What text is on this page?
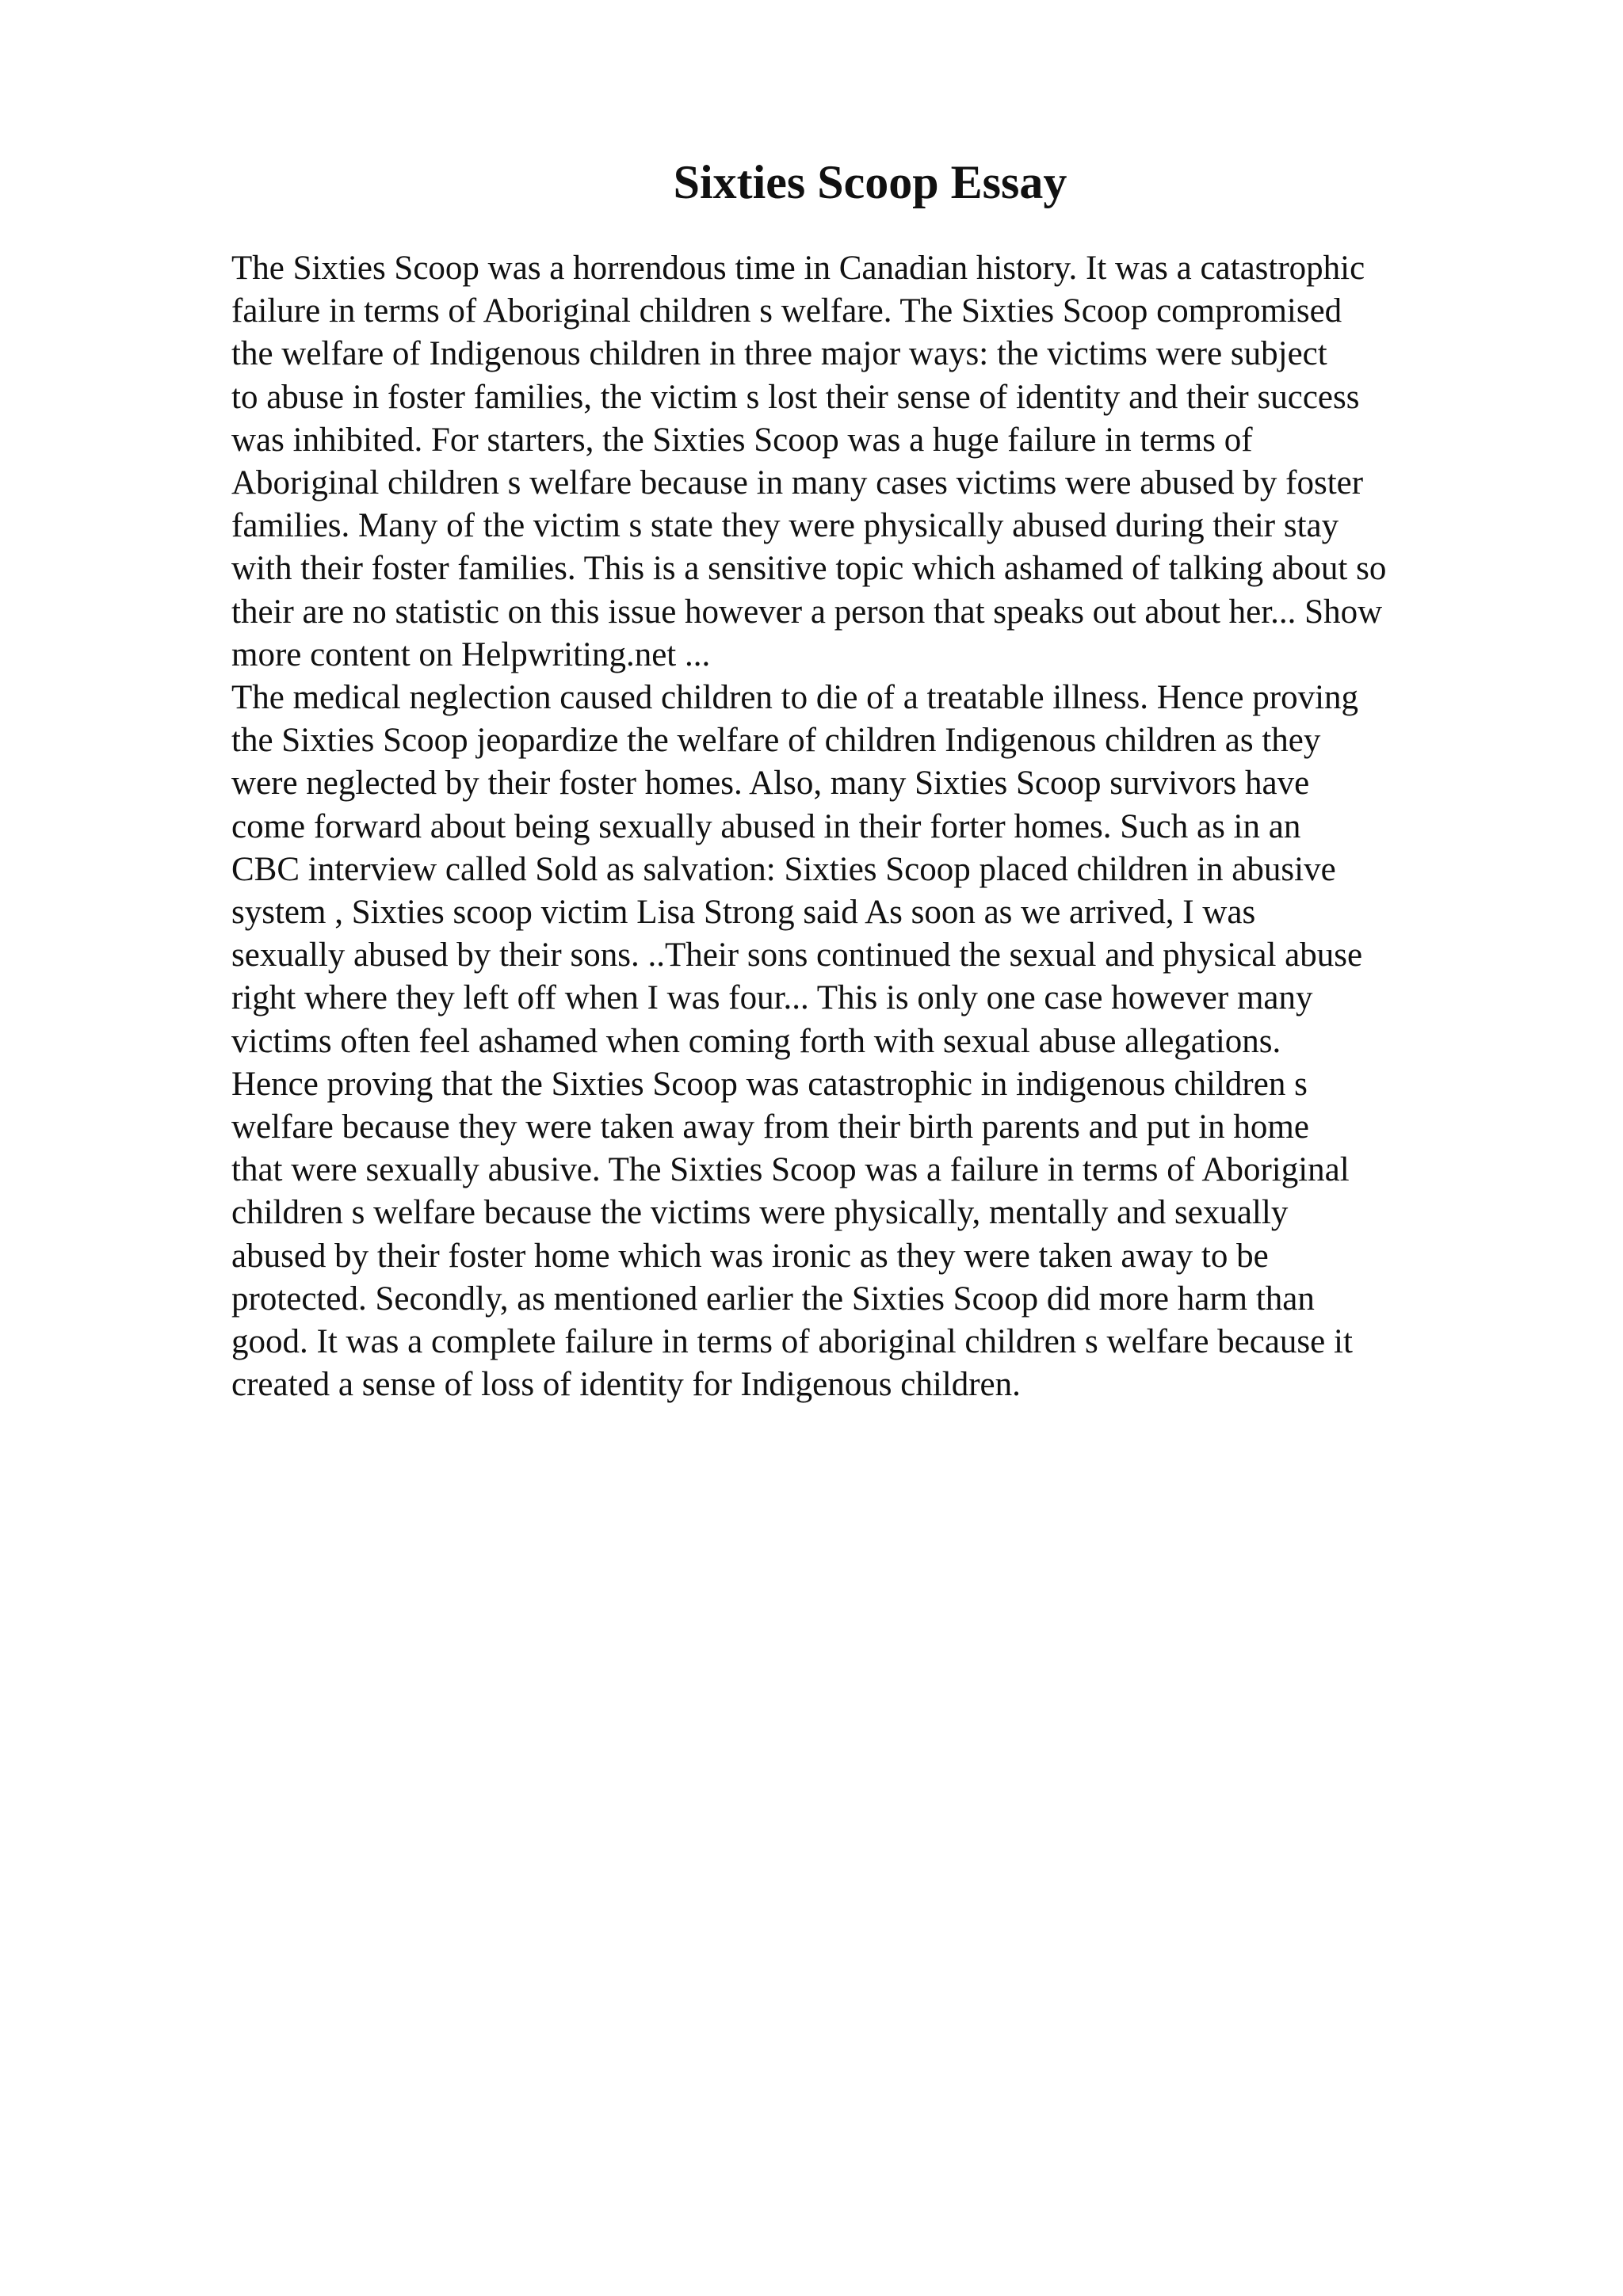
Sixties Scoop Essay
The Sixties Scoop was a horrendous time in Canadian history. It was a catastrophic
failure in terms of Aboriginal children s welfare. The Sixties Scoop compromised
the welfare of Indigenous children in three major ways: the victims were subject
to abuse in foster families, the victim s lost their sense of identity and their success
was inhibited. For starters, the Sixties Scoop was a huge failure in terms of
Aboriginal children s welfare because in many cases victims were abused by foster
families. Many of the victim s state they were physically abused during their stay
with their foster families. This is a sensitive topic which ashamed of talking about so
their are no statistic on this issue however a person that speaks out about her... Show
more content on Helpwriting.net ...
The medical neglection caused children to die of a treatable illness. Hence proving
the Sixties Scoop jeopardize the welfare of children Indigenous children as they
were neglected by their foster homes. Also, many Sixties Scoop survivors have
come forward about being sexually abused in their forter homes. Such as in an
CBC interview called Sold as salvation: Sixties Scoop placed children in abusive
system , Sixties scoop victim Lisa Strong said As soon as we arrived, I was
sexually abused by their sons. ..Their sons continued the sexual and physical abuse
right where they left off when I was four... This is only one case however many
victims often feel ashamed when coming forth with sexual abuse allegations.
Hence proving that the Sixties Scoop was catastrophic in indigenous children s
welfare because they were taken away from their birth parents and put in home
that were sexually abusive. The Sixties Scoop was a failure in terms of Aboriginal
children s welfare because the victims were physically, mentally and sexually
abused by their foster home which was ironic as they were taken away to be
protected. Secondly, as mentioned earlier the Sixties Scoop did more harm than
good. It was a complete failure in terms of aboriginal children s welfare because it
created a sense of loss of identity for Indigenous children.
